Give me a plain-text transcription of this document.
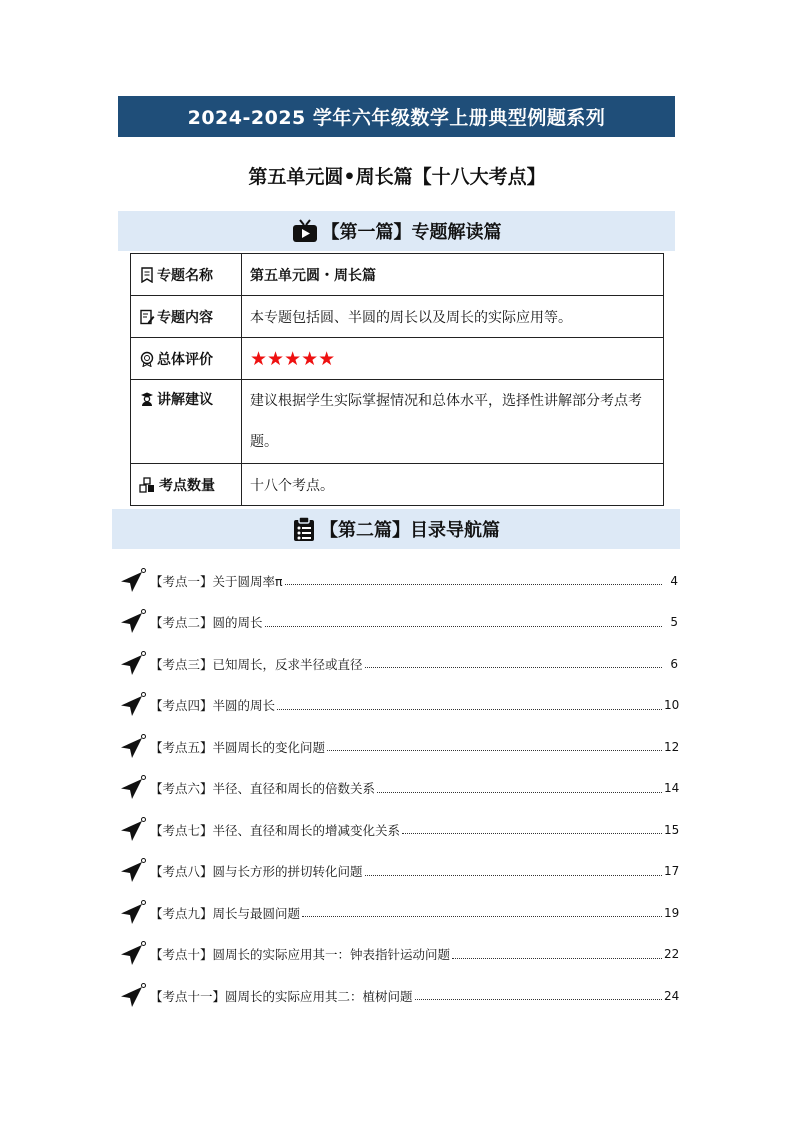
2024-2025 学年六年级数学上册典型例题系列
第五单元圆•周长篇【十八大考点】
【第一篇】专题解读篇
专题名称	第五单元圆・周长篇
专题内容	本专题包括圆、半圆的周长以及周长的实际应用等。
总体评价	★★★★★
讲解建议	建议根据学生实际掌握情况和总体水平，选择性讲解部分考点考题。
考点数量	十八个考点。
【第二篇】目录导航篇
【考点一】关于圆周率π	4
【考点二】圆的周长	5
【考点三】已知周长，反求半径或直径	6
【考点四】半圆的周长	10
【考点五】半圆周长的变化问题	12
【考点六】半径、直径和周长的倍数关系	14
【考点七】半径、直径和周长的增减变化关系	15
【考点八】圆与长方形的拼切转化问题	17
【考点九】周长与最圆问题	19
【考点十】圆周长的实际应用其一：钟表指针运动问题	22
【考点十一】圆周长的实际应用其二：植树问题	24
